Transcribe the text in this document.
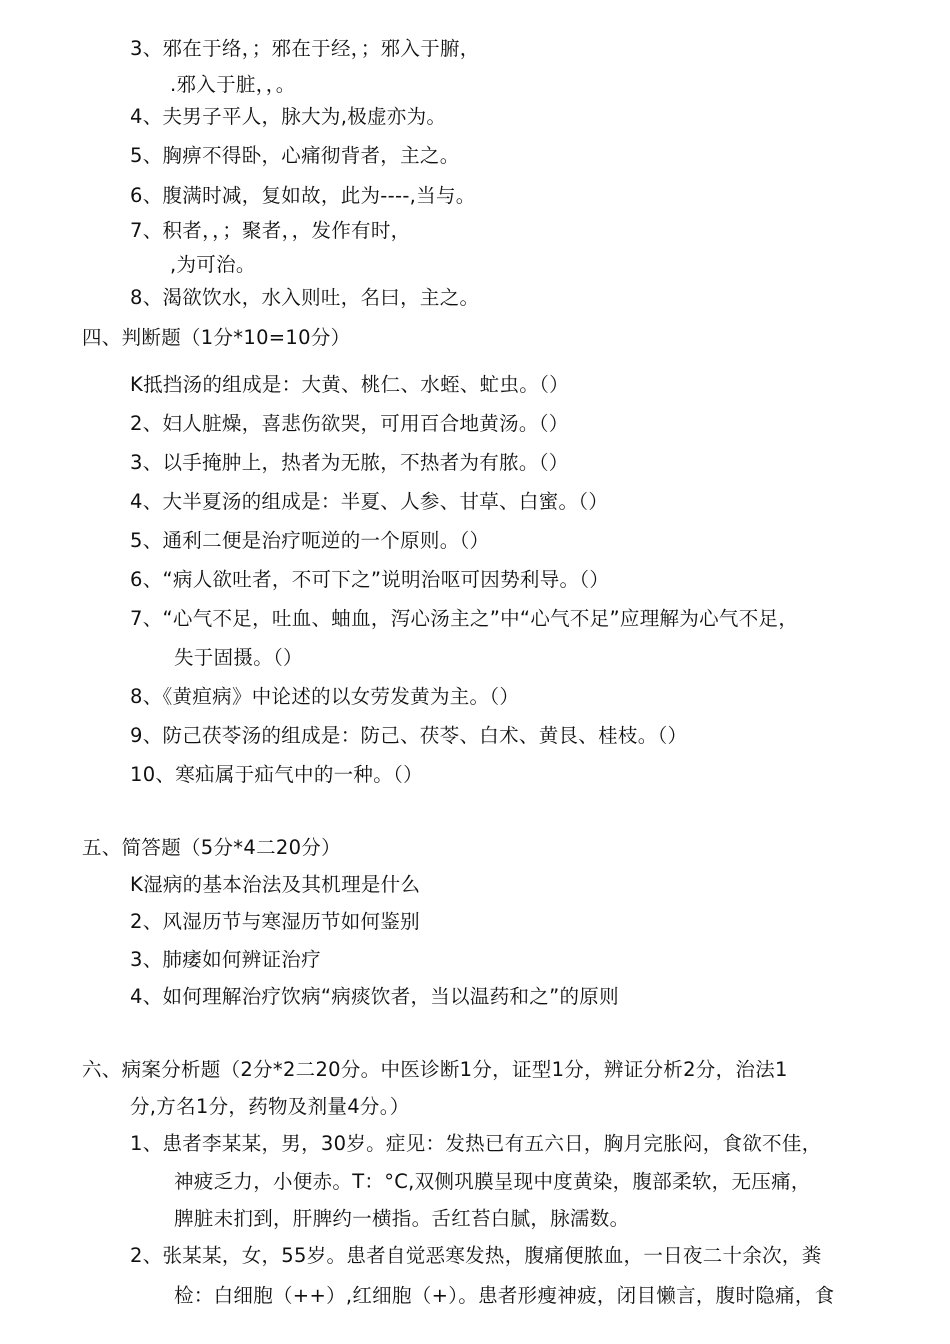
3、邪在于络，；邪在于经，；邪入于腑，
.邪入于脏，，。
4、夫男子平人，脉大为,极虚亦为。
5、胸痹不得卧，心痛彻背者，主之。
6、腹满时减，复如故，此为----,当与。
7、积者，，；聚者，，发作有时，
,为可治。
8、渴欲饮水，水入则吐，名曰，主之。
四、判断题（1分*10=10分）
K抵挡汤的组成是：大黄、桃仁、水蛭、虻虫。（）
2、妇人脏燥，喜悲伤欲哭，可用百合地黄汤。（）
3、以手掩肿上，热者为无脓，不热者为有脓。（）
4、大半夏汤的组成是：半夏、人参、甘草、白蜜。（）
5、通利二便是治疗呃逆的一个原则。（）
6、“病人欲吐者，不可下之”说明治呕可因势利导。（）
7、“心气不足，吐血、蚰血，泻心汤主之”中“心气不足”应理解为心气不足，
失于固摄。（）
8、《黄疸病》中论述的以女劳发黄为主。（）
9、防己茯苓汤的组成是：防己、茯苓、白术、黄艮、桂枝。（）
10、寒疝属于疝气中的一种。（）
五、简答题（5分*4二20分）
K湿病的基本治法及其机理是什么
2、风湿历节与寒湿历节如何鉴别
3、肺痿如何辨证治疗
4、如何理解治疗饮病“病痰饮者，当以温药和之”的原则
六、病案分析题（2分*2二20分。中医诊断1分，证型1分，辨证分析2分，治法1
分,方名1分，药物及剂量4分。）
1、患者李某某，男，30岁。症见：发热已有五六日，胸月完胀闷，食欲不佳，
神疲乏力，小便赤。T：°C,双侧巩膜呈现中度黄染，腹部柔软，无压痛，
脾脏未扪到，肝脾约一横指。舌红苔白腻，脉濡数。
2、张某某，女，55岁。患者自觉恶寒发热，腹痛便脓血，一日夜二十余次，粪
检：白细胞（++）,红细胞（+）。患者形瘦神疲，闭目懒言，腹时隐痛，食
